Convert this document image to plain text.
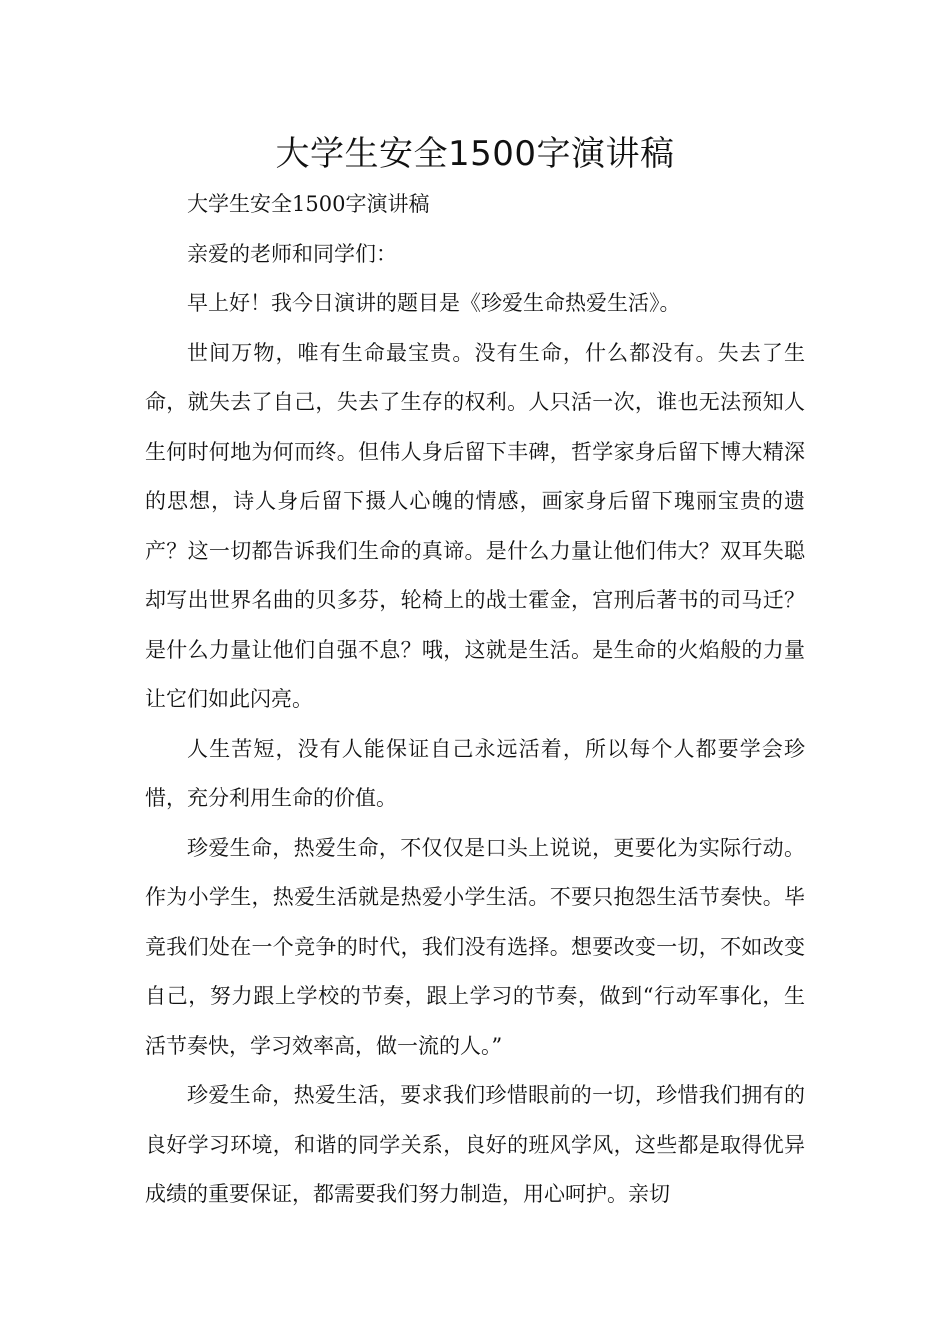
大学生安全1500字演讲稿

大学生安全1500字演讲稿

亲爱的老师和同学们：

早上好！我今日演讲的题目是《珍爱生命热爱生活》。

世间万物，唯有生命最宝贵。没有生命，什么都没有。失去了生命，就失去了自己，失去了生存的权利。人只活一次，谁也无法预知人生何时何地为何而终。但伟人身后留下丰碑，哲学家身后留下博大精深的思想，诗人身后留下摄人心魄的情感，画家身后留下瑰丽宝贵的遗产？这一切都告诉我们生命的真谛。是什么力量让他们伟大？双耳失聪却写出世界名曲的贝多芬，轮椅上的战士霍金，宫刑后著书的司马迁？是什么力量让他们自强不息？哦，这就是生活。是生命的火焰般的力量让它们如此闪亮。

人生苦短，没有人能保证自己永远活着，所以每个人都要学会珍惜，充分利用生命的价值。

珍爱生命，热爱生命，不仅仅是口头上说说，更要化为实际行动。作为小学生，热爱生活就是热爱小学生活。不要只抱怨生活节奏快。毕竟我们处在一个竞争的时代，我们没有选择。想要改变一切，不如改变自己，努力跟上学校的节奏，跟上学习的节奏，做到“行动军事化，生活节奏快，学习效率高，做一流的人。”

珍爱生命，热爱生活，要求我们珍惜眼前的一切，珍惜我们拥有的良好学习环境，和谐的同学关系，良好的班风学风，这些都是取得优异成绩的重要保证，都需要我们努力制造，用心呵护。亲切
